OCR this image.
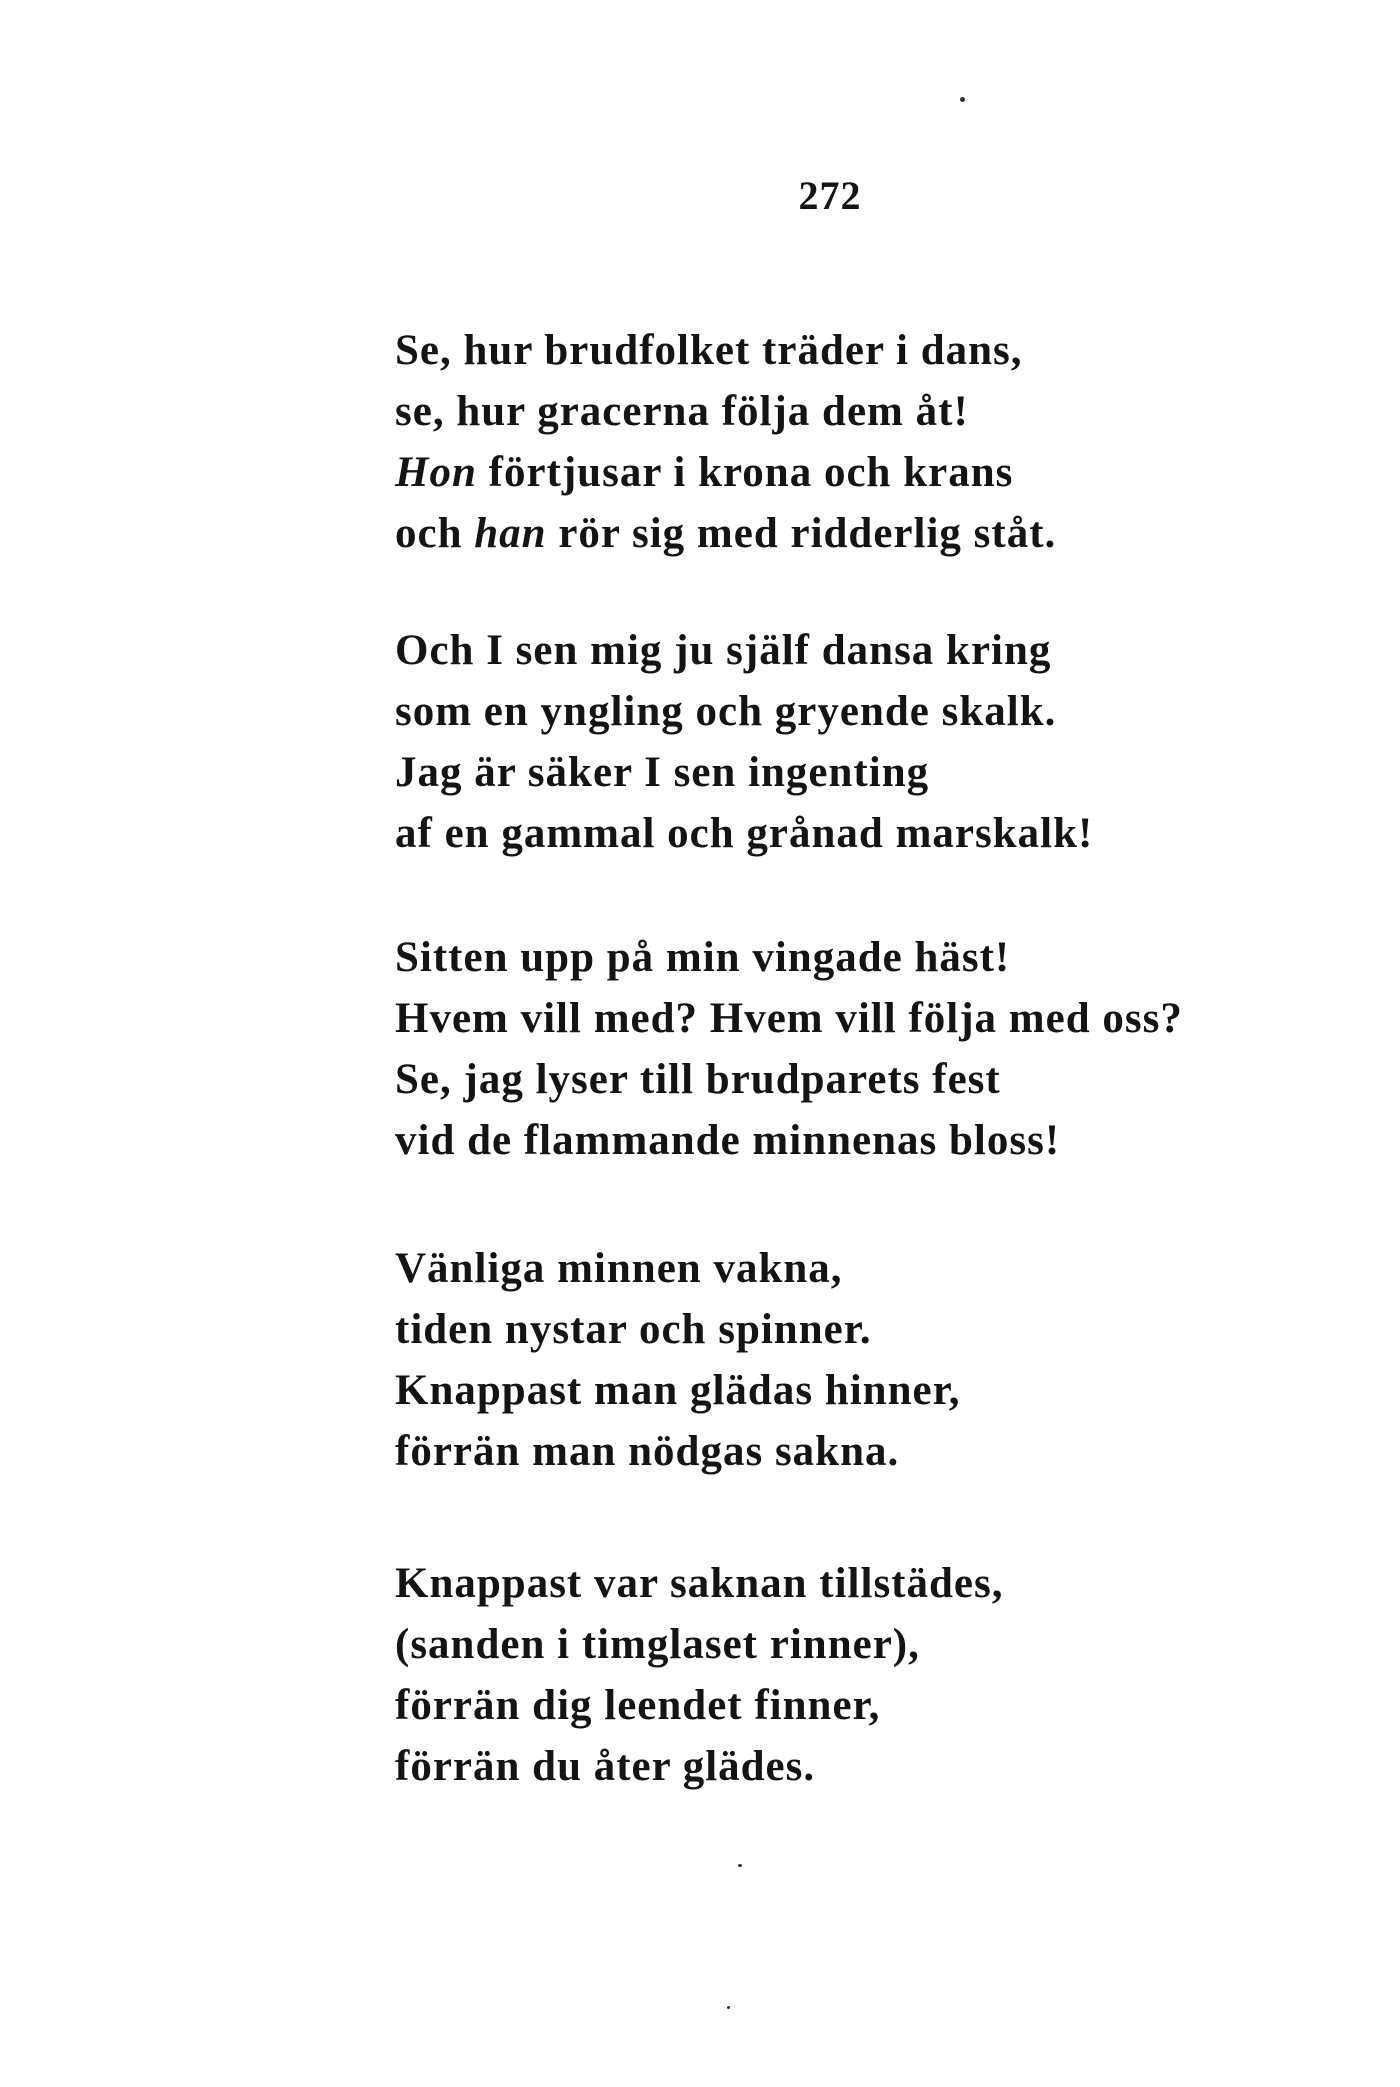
272
Se, hur brudfolket träder i dans,
se, hur gracerna följa dem åt!
Hon förtjusar i krona och krans
och han rör sig med ridderlig ståt.
Och I sen mig ju själf dansa kring
som en yngling och gryende skalk.
Jag är säker I sen ingenting
af en gammal och grånad marskalk!
Sitten upp på min vingade häst!
Hvem vill med? Hvem vill följa med oss?
Se, jag lyser till brudparets fest
vid de flammande minnenas bloss!
Vänliga minnen vakna,
tiden nystar och spinner.
Knappast man glädas hinner,
förrän man nödgas sakna.
Knappast var saknan tillstädes,
(sanden i timglaset rinner),
förrän dig leendet finner,
förrän du åter glädes.
